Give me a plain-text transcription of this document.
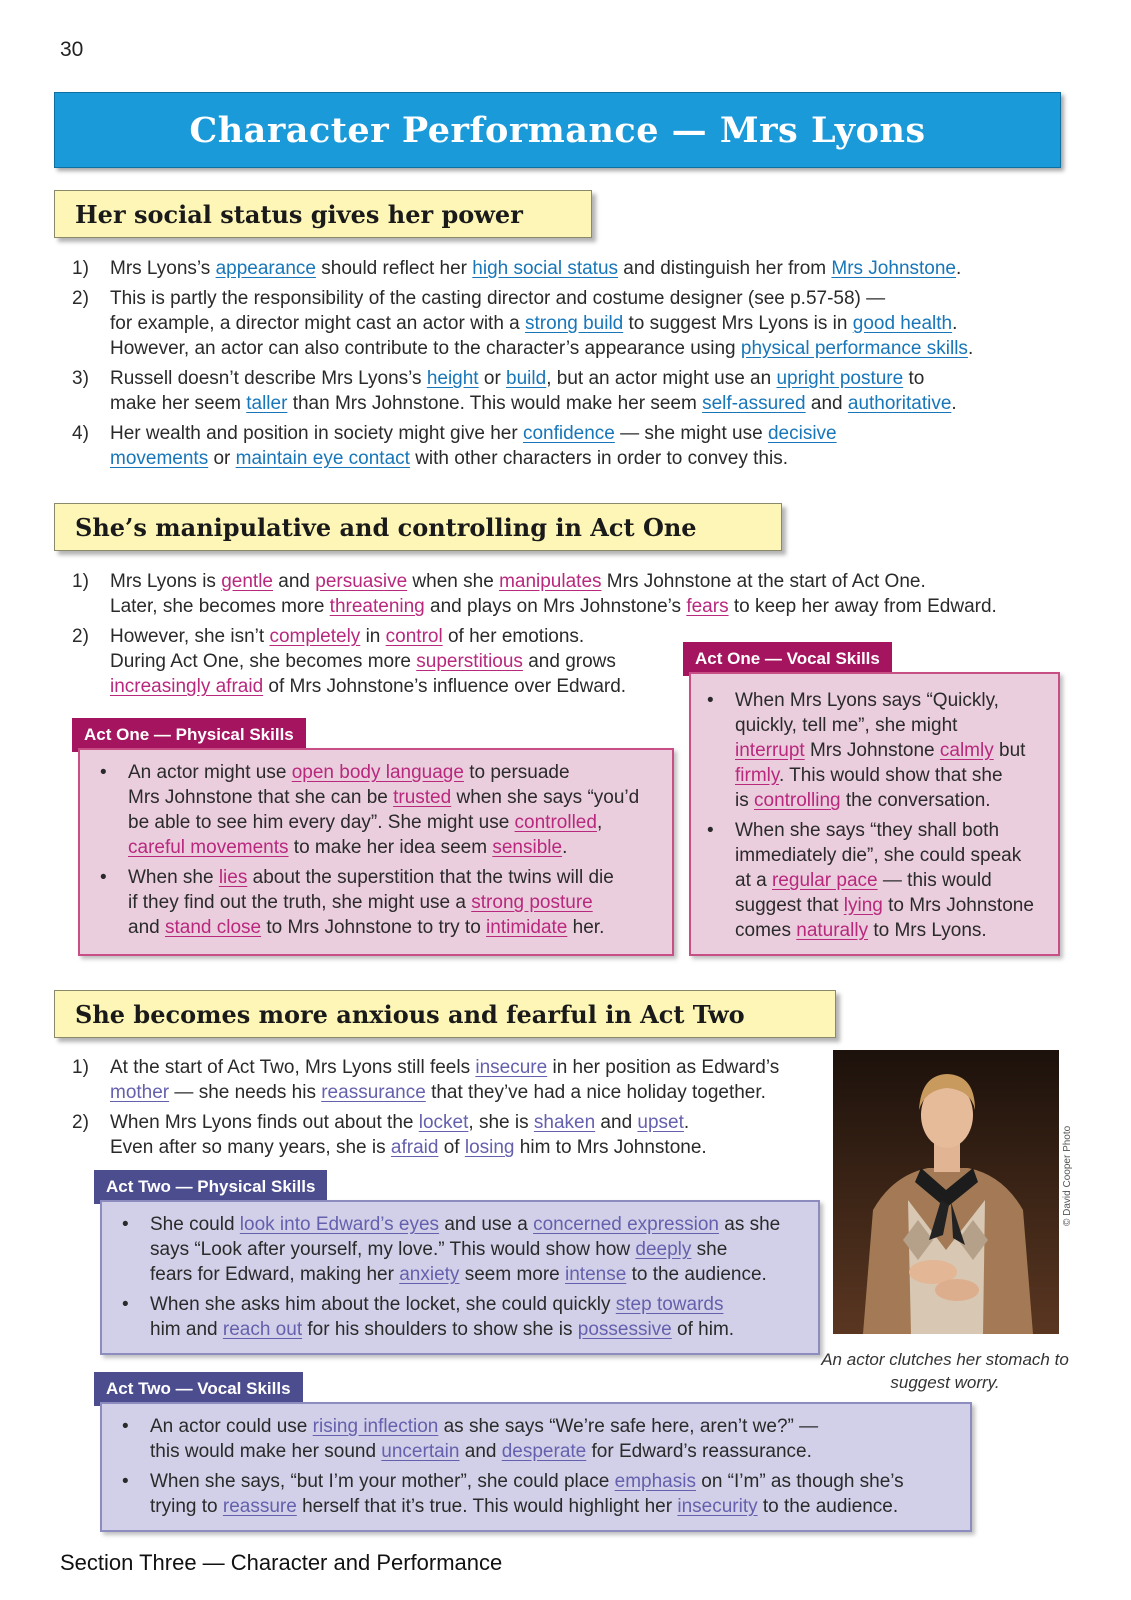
30
Character Performance — Mrs Lyons
Her social status gives her power
1) Mrs Lyons’s appearance should reflect her high social status and distinguish her from Mrs Johnstone.
2) This is partly the responsibility of the casting director and costume designer (see p.57-58) —
for example, a director might cast an actor with a strong build to suggest Mrs Lyons is in good health.
However, an actor can also contribute to the character’s appearance using physical performance skills.
3) Russell doesn’t describe Mrs Lyons’s height or build, but an actor might use an upright posture to
make her seem taller than Mrs Johnstone. This would make her seem self-assured and authoritative.
4) Her wealth and position in society might give her confidence — she might use decisive
movements or maintain eye contact with other characters in order to convey this.
She’s manipulative and controlling in Act One
1) Mrs Lyons is gentle and persuasive when she manipulates Mrs Johnstone at the start of Act One.
Later, she becomes more threatening and plays on Mrs Johnstone’s fears to keep her away from Edward.
2) However, she isn’t completely in control of her emotions.
During Act One, she becomes more superstitious and grows
increasingly afraid of Mrs Johnstone’s influence over Edward.
Act One — Physical Skills
• An actor might use open body language to persuade
Mrs Johnstone that she can be trusted when she says “you’d
be able to see him every day”. She might use controlled,
careful movements to make her idea seem sensible.
• When she lies about the superstition that the twins will die
if they find out the truth, she might use a strong posture
and stand close to Mrs Johnstone to try to intimidate her.
Act One — Vocal Skills
• When Mrs Lyons says “Quickly,
quickly, tell me”, she might
interrupt Mrs Johnstone calmly but
firmly. This would show that she
is controlling the conversation.
• When she says “they shall both
immediately die”, she could speak
at a regular pace — this would
suggest that lying to Mrs Johnstone
comes naturally to Mrs Lyons.
She becomes more anxious and fearful in Act Two
1) At the start of Act Two, Mrs Lyons still feels insecure in her position as Edward’s
mother — she needs his reassurance that they’ve had a nice holiday together.
2) When Mrs Lyons finds out about the locket, she is shaken and upset.
Even after so many years, she is afraid of losing him to Mrs Johnstone.
Act Two — Physical Skills
• She could look into Edward’s eyes and use a concerned expression as she
says “Look after yourself, my love.” This would show how deeply she
fears for Edward, making her anxiety seem more intense to the audience.
• When she asks him about the locket, she could quickly step towards
him and reach out for his shoulders to show she is possessive of him.
Act Two — Vocal Skills
• An actor could use rising inflection as she says “We’re safe here, aren’t we?” —
this would make her sound uncertain and desperate for Edward’s reassurance.
• When she says, “but I’m your mother”, she could place emphasis on “I’m” as though she’s
trying to reassure herself that it’s true. This would highlight her insecurity to the audience.
© David Cooper Photo
An actor clutches her stomach to suggest worry.
Section Three — Character and Performance
